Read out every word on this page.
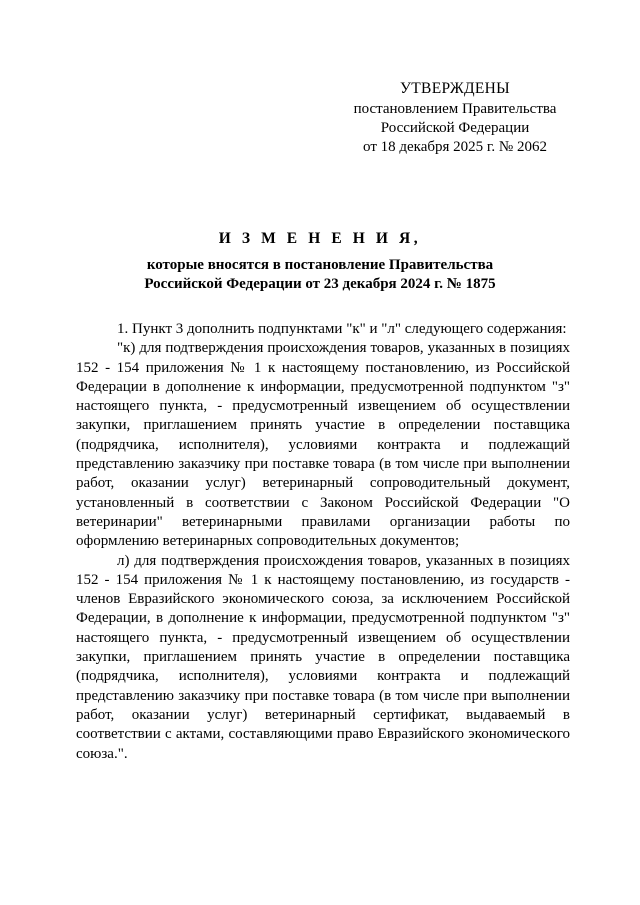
УТВЕРЖДЕНЫ
постановлением Правительства
Российской Федерации
от 18 декабря 2025 г. № 2062
И З М Е Н Е Н И Я,
которые вносятся в постановление Правительства
Российской Федерации от 23 декабря 2024 г. № 1875

1. Пункт 3 дополнить подпунктами "к" и "л" следующего содержания:

"к) для подтверждения происхождения товаров, указанных в позициях 152 - 154 приложения № 1 к настоящему постановлению, из Российской Федерации в дополнение к информации, предусмотренной подпунктом "з" настоящего пункта, - предусмотренный извещением об осуществлении закупки, приглашением принять участие в определении поставщика (подрядчика, исполнителя), условиями контракта и подлежащий представлению заказчику при поставке товара (в том числе при выполнении работ, оказании услуг) ветеринарный сопроводительный документ, установленный в соответствии с Законом Российской Федерации "О ветеринарии" ветеринарными правилами организации работы по оформлению ветеринарных сопроводительных документов;

л) для подтверждения происхождения товаров, указанных в позициях 152 - 154 приложения № 1 к настоящему постановлению, из государств - членов Евразийского экономического союза, за исключением Российской Федерации, в дополнение к информации, предусмотренной подпунктом "з" настоящего пункта, - предусмотренный извещением об осуществлении закупки, приглашением принять участие в определении поставщика (подрядчика, исполнителя), условиями контракта и подлежащий представлению заказчику при поставке товара (в том числе при выполнении работ, оказании услуг) ветеринарный сертификат, выдаваемый в соответствии с актами, составляющими право Евразийского экономического союза.".
